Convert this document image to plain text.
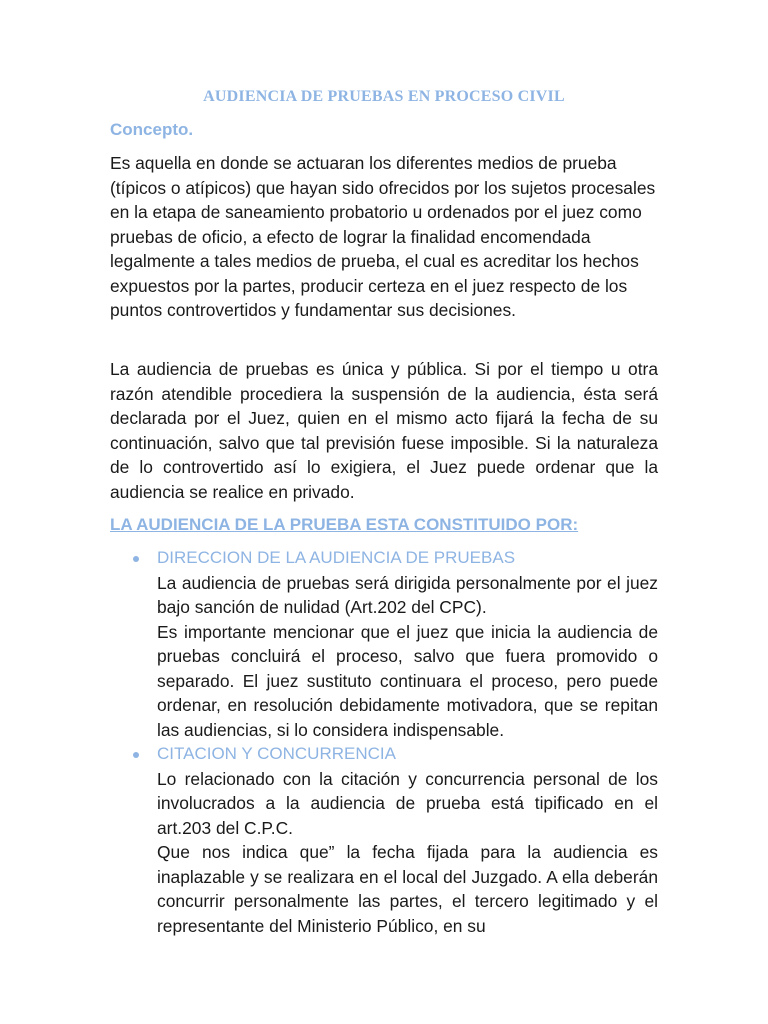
AUDIENCIA DE PRUEBAS EN PROCESO CIVIL
Concepto.

Es aquella en donde se actuaran los diferentes medios de prueba (típicos o atípicos) que hayan sido ofrecidos por los sujetos procesales en la etapa de saneamiento probatorio u ordenados por el juez como pruebas de oficio, a efecto de lograr la finalidad encomendada legalmente a tales medios de prueba, el cual es acreditar los hechos expuestos por la partes, producir certeza en el juez respecto de los puntos controvertidos y fundamentar sus decisiones.

La audiencia de pruebas es única y pública. Si por el tiempo u otra razón atendible procediera la suspensión de la audiencia, ésta será declarada por el Juez, quien en el mismo acto fijará la fecha de su continuación, salvo que tal previsión fuese imposible. Si la naturaleza de lo controvertido así lo exigiera, el Juez puede ordenar que la audiencia se realice en privado.

LA AUDIENCIA DE LA PRUEBA ESTA CONSTITUIDO POR:

DIRECCION DE LA AUDIENCIA DE PRUEBAS

La audiencia de pruebas será dirigida personalmente por el juez bajo sanción de nulidad (Art.202 del CPC).

Es importante mencionar que el juez que inicia la audiencia de pruebas concluirá el proceso, salvo que fuera promovido o separado. El juez sustituto continuara el proceso, pero puede ordenar, en resolución debidamente motivadora, que se repitan las audiencias, si lo considera indispensable.

CITACION Y CONCURRENCIA

Lo relacionado con la citación y concurrencia personal de los involucrados a la audiencia de prueba está tipificado en el art.203 del C.P.C.

Que nos indica que” la fecha fijada para la audiencia es inaplazable y se realizara en el local del Juzgado. A ella deberán concurrir personalmente las partes, el tercero legitimado y el representante del Ministerio Público, en su
